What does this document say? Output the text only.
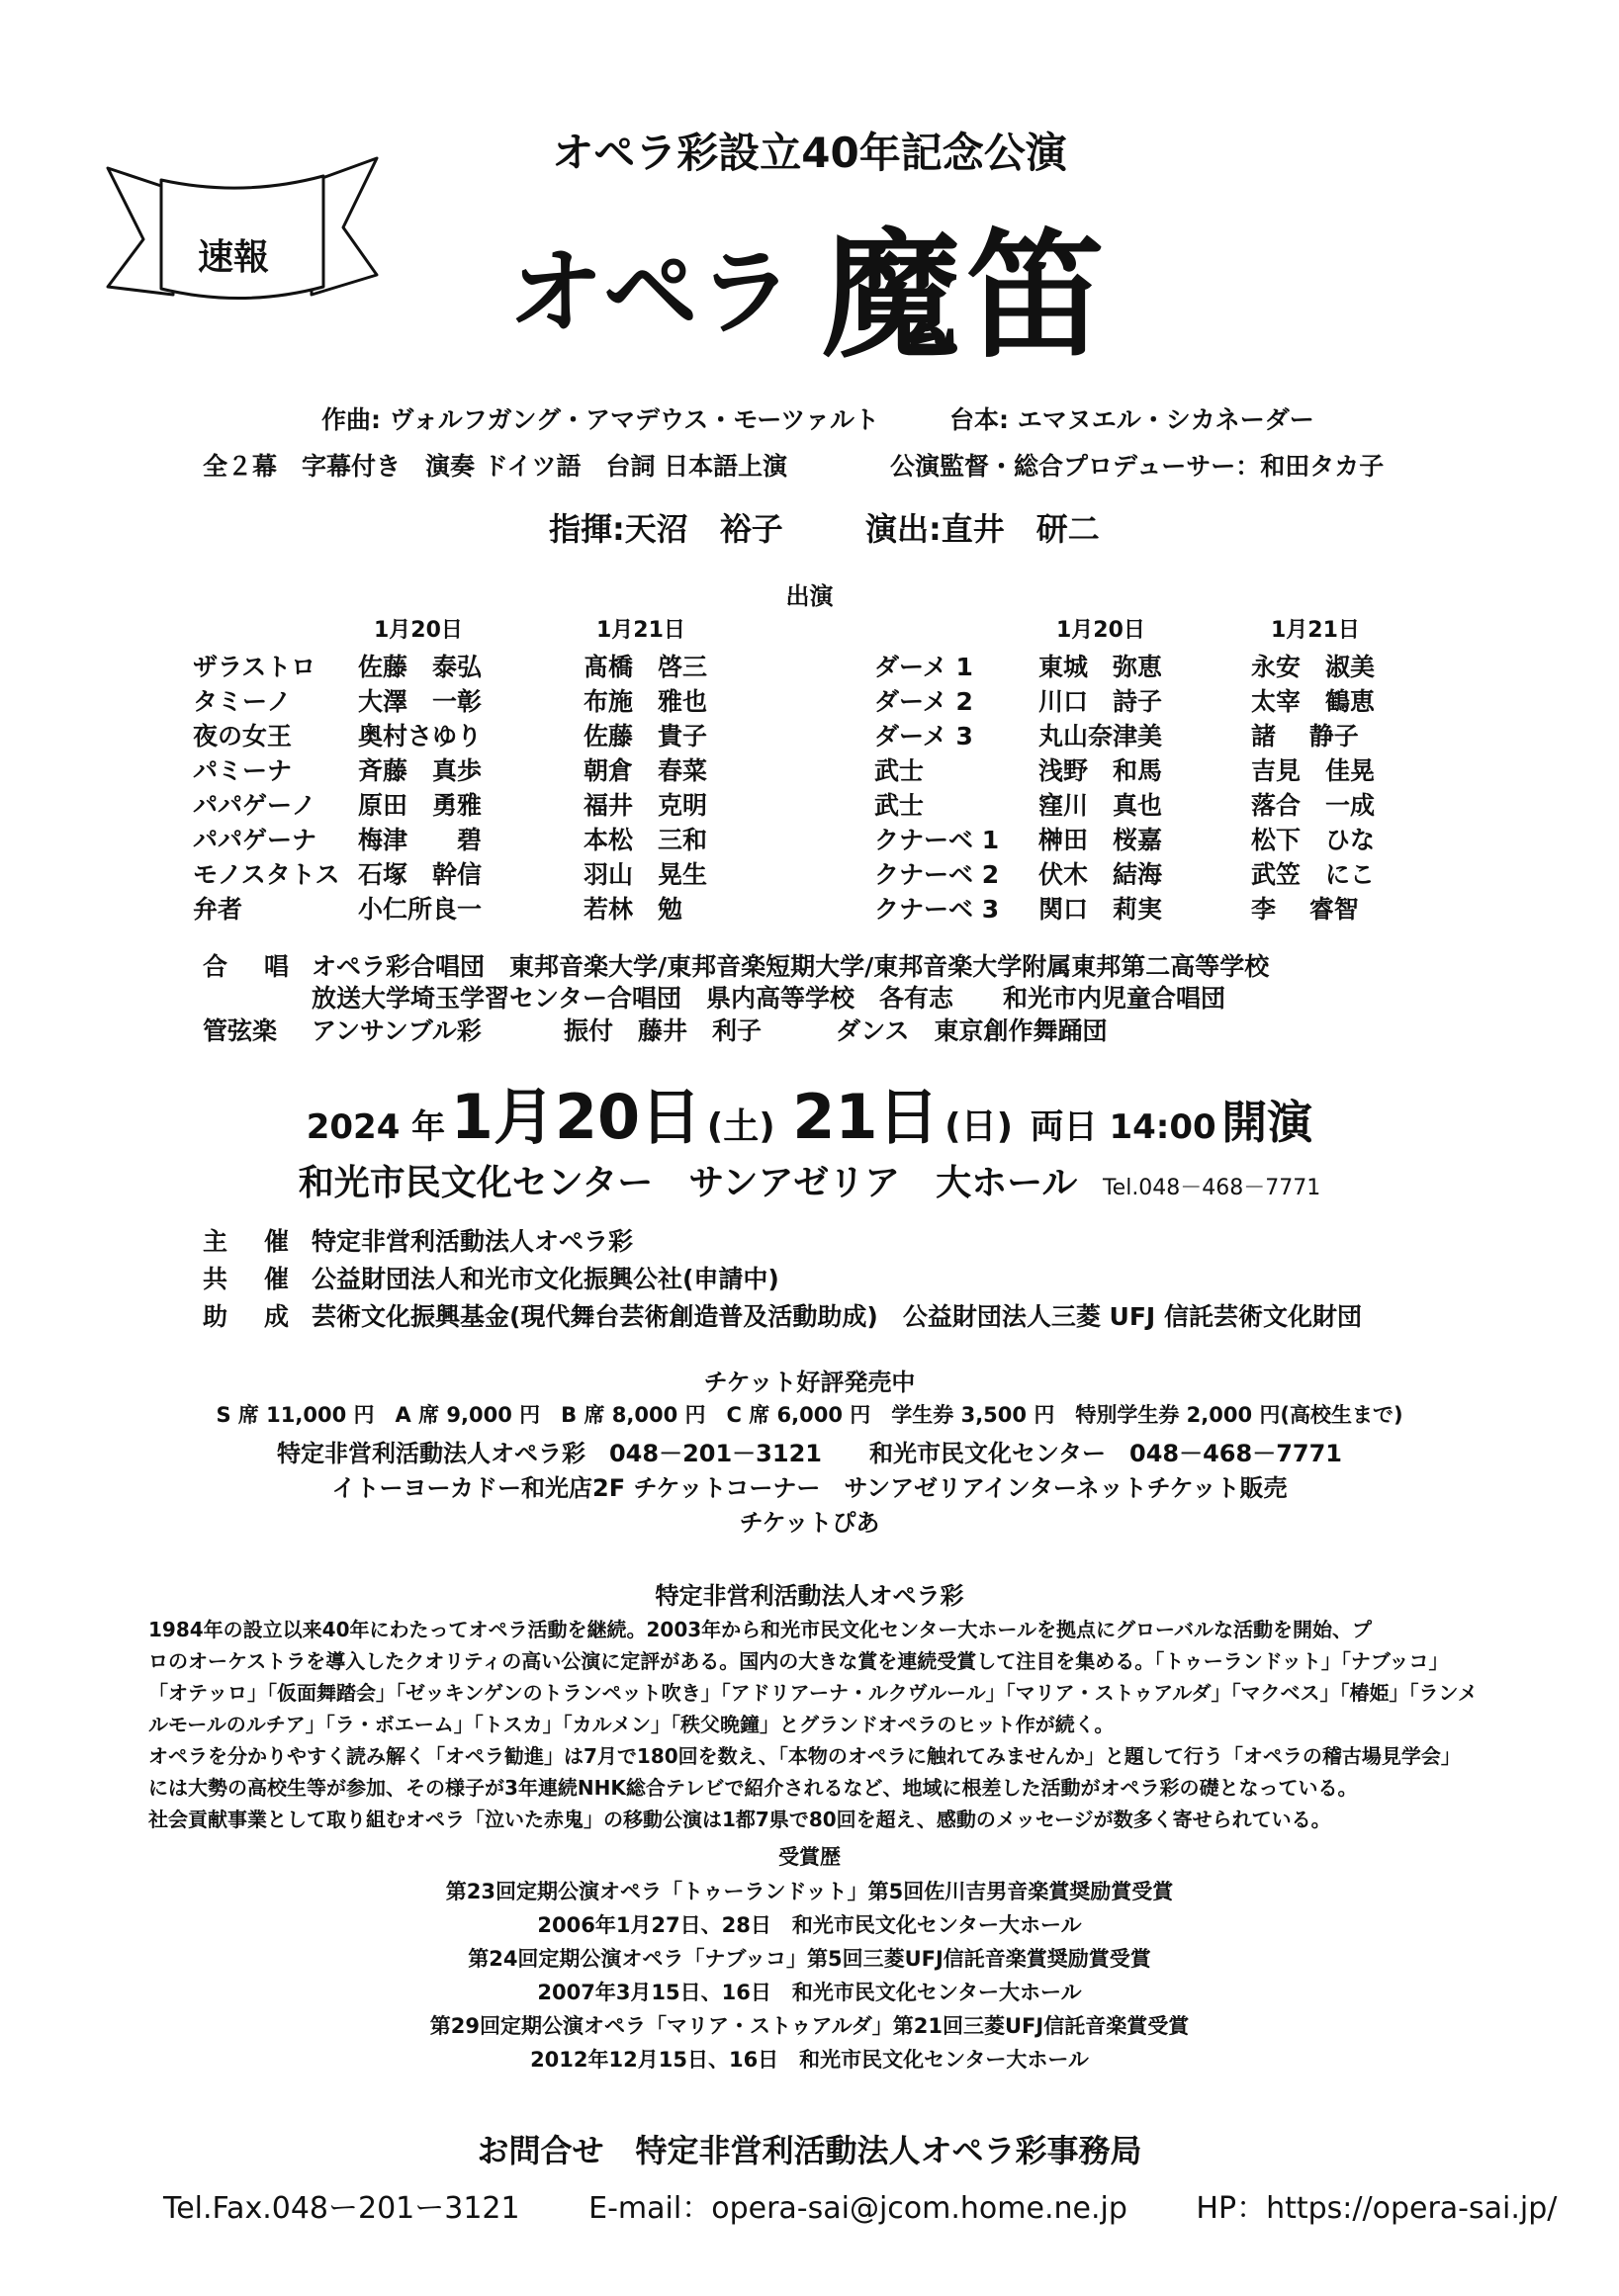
速報
オペラ彩設立40年記念公演
オペラ 魔笛
作曲: ヴォルフガング・アマデウス・モーツァルト	台本: エマヌエル・シカネーダー
全２幕　字幕付き　演奏 ドイツ語　台詞 日本語上演	公演監督・総合プロデューサー：和田タカ子
指揮:天沼　裕子	演出:直井　研二
出演
1月20日	1月21日	1月20日	1月21日
ザラストロ 佐藤　泰弘	髙橋　啓三
タミーノ	大澤　一彰	布施　雅也
夜の女王	奥村さゆり	佐藤　貴子
パミーナ	斉藤　真歩	朝倉　春菜
パパゲーノ 原田　勇雅	福井　克明
パパゲーナ 梅津　　碧	本松　三和
モノスタトス 石塚　幹信	羽山　晃生
弁者	小仁所良一	若林　勉
ダーメ 1	東城　弥恵	永安　淑美
ダーメ 2	川口　詩子	太宰　鶴恵
ダーメ 3	丸山奈津美	諸　 静子
武士	浅野　和馬	吉見　佳晃
武士	窪川　真也	落合　一成
クナーベ 1 榊田　桜嘉	松下　ひな
クナーベ 2 伏木　結海	武笠　にこ
クナーベ 3 関口　莉実	李　 睿智
合　唱 オペラ彩合唱団　東邦音楽大学/東邦音楽短期大学/東邦音楽大学附属東邦第二高等学校
放送大学埼玉学習センター合唱団　県内高等学校　各有志　　和光市内児童合唱団
管弦楽 アンサンブル彩	振付　藤井　利子	ダンス　東京創作舞踊団
2024 年 1月20日 (土) 21日 (日) 両日 14:00 開演
和光市民文化センター　サンアゼリア　大ホール Tel.048－468－7771
主　催 特定非営利活動法人オペラ彩
共　催 公益財団法人和光市文化振興公社(申請中)
助　成 芸術文化振興基金(現代舞台芸術創造普及活動助成)　公益財団法人三菱 UFJ 信託芸術文化財団
チケット好評発売中
S 席 11,000 円　A 席 9,000 円　B 席 8,000 円　C 席 6,000 円　学生券 3,500 円　特別学生券 2,000 円(高校生まで)
特定非営利活動法人オペラ彩　048－201－3121　　和光市民文化センター　048－468－7771
イトーヨーカドー和光店2F チケットコーナー　サンアゼリアインターネットチケット販売
チケットぴあ
特定非営利活動法人オペラ彩
1984年の設立以来40年にわたってオペラ活動を継続。2003年から和光市民文化センター大ホールを拠点にグローバルな活動を開始、プ
ロのオーケストラを導入したクオリティの高い公演に定評がある。国内の大きな賞を連続受賞して注目を集める。「トゥーランドット」「ナブッコ」
「オテッロ」「仮面舞踏会」「ゼッキンゲンのトランペット吹き」「アドリアーナ・ルクヴルール」「マリア・ストゥアルダ」「マクベス」「椿姫」「ランメ
ルモールのルチア」「ラ・ボエーム」「トスカ」「カルメン」「秩父晩鐘」とグランドオペラのヒット作が続く。
オペラを分かりやすく読み解く「オペラ勧進」は7月で180回を数え、「本物のオペラに触れてみませんか」と題して行う「オペラの稽古場見学会」
には大勢の高校生等が参加、その様子が3年連続NHK総合テレビで紹介されるなど、地域に根差した活動がオペラ彩の礎となっている。
社会貢献事業として取り組むオペラ「泣いた赤鬼」の移動公演は1都7県で80回を超え、感動のメッセージが数多く寄せられている。
受賞歴
第23回定期公演オペラ「トゥーランドット」第5回佐川吉男音楽賞奨励賞受賞
2006年1月27日、28日　和光市民文化センター大ホール
第24回定期公演オペラ「ナブッコ」第5回三菱UFJ信託音楽賞奨励賞受賞
2007年3月15日、16日　和光市民文化センター大ホール
第29回定期公演オペラ「マリア・ストゥアルダ」第21回三菱UFJ信託音楽賞受賞
2012年12月15日、16日　和光市民文化センター大ホール
お問合せ　特定非営利活動法人オペラ彩事務局
Tel.Fax.048ー201ー3121 E-mail：opera-sai@jcom.home.ne.jp HP：https://opera-sai.jp/
